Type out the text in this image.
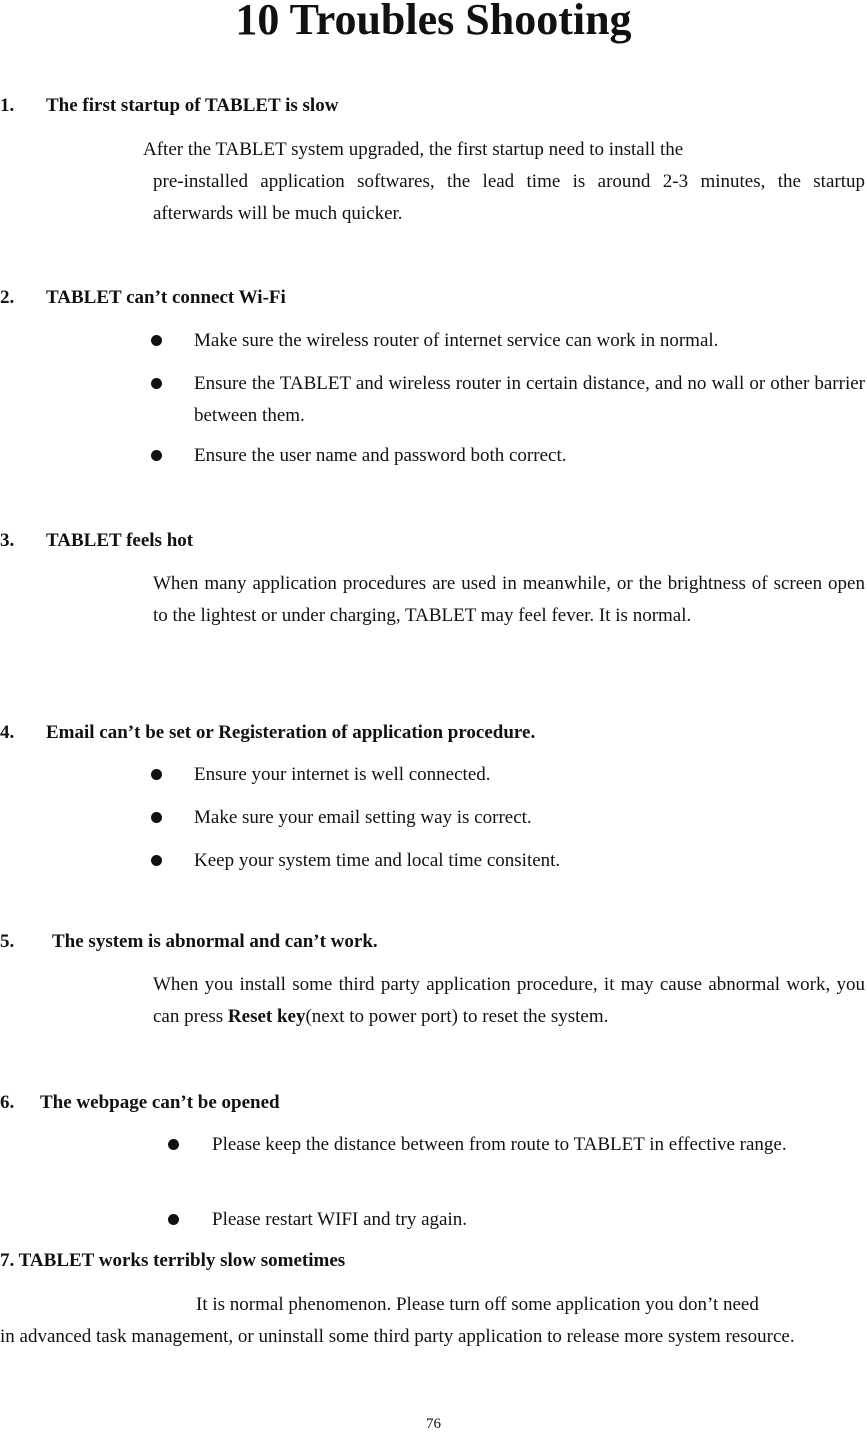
10 Troubles Shooting
1. The first startup of TABLET is slow
After the TABLET system upgraded, the first startup need to install the
pre-installed application softwares, the lead time is around 2-3 minutes, the startup afterwards will be much quicker.
2. TABLET can’t connect Wi-Fi
Make sure the wireless router of internet service can work in normal.
Ensure the TABLET and wireless router in certain distance, and no wall or other barrier between them.
Ensure the user name and password both correct.
3. TABLET feels hot
When many application procedures are used in meanwhile, or the brightness of screen open to the lightest or under charging, TABLET may feel fever. It is normal.
4. Email can’t be set or Registeration of application procedure.
Ensure your internet is well connected.
Make sure your email setting way is correct.
Keep your system time and local time consitent.
5. The system is abnormal and can’t work.
When you install some third party application procedure, it may cause abnormal work, you can press Reset key(next to power port) to reset the system.
6. The webpage can’t be opened
Please keep the distance between from route to TABLET in effective range.
Please restart WIFI and try again.
7. TABLET works terribly slow sometimes
It is normal phenomenon. Please turn off some application you don’t need
in advanced task management, or uninstall some third party application to release more system resource.
76
